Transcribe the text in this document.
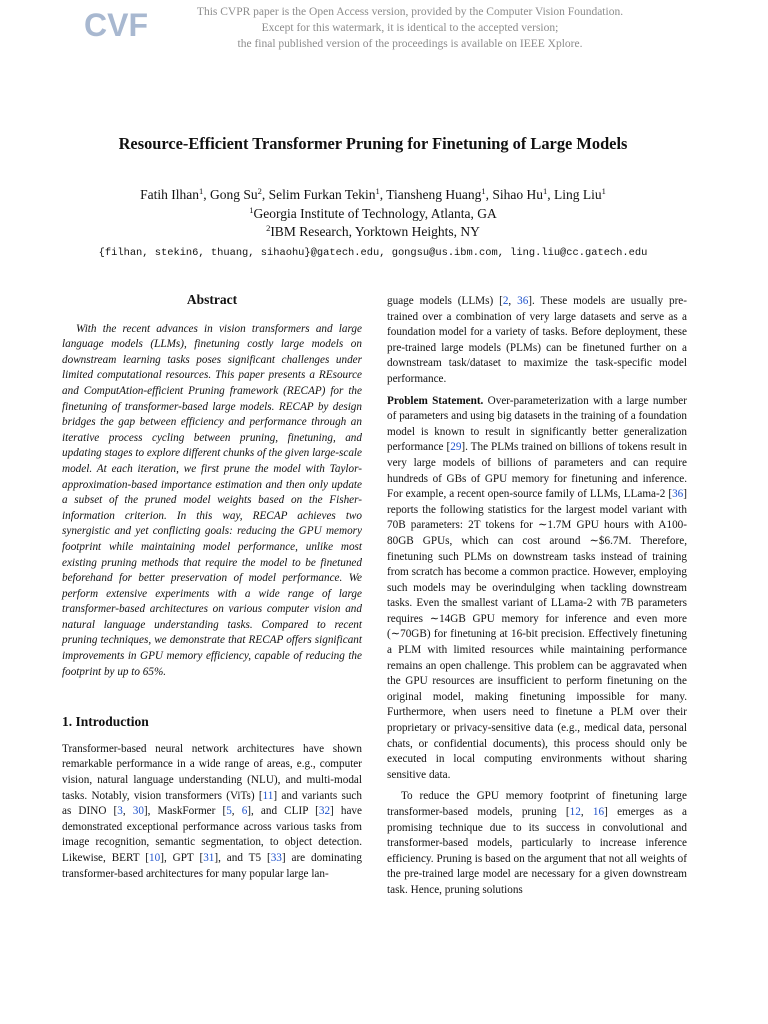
CVF	This CVPR paper is the Open Access version, provided by the Computer Vision Foundation.
Except for this watermark, it is identical to the accepted version;
the final published version of the proceedings is available on IEEE Xplore.
Resource-Efficient Transformer Pruning for Finetuning of Large Models
Fatih Ilhan$^1$, Gong Su$^2$, Selim Furkan Tekin$^1$, Tiansheng Huang$^1$, Sihao Hu$^1$, Ling Liu$^1$
$^1$Georgia Institute of Technology, Atlanta, GA
$^2$IBM Research, Yorktown Heights, NY
{filhan, stekin6, thuang, sihaohu}@gatech.edu, gongsu@us.ibm.com, ling.liu@cc.gatech.edu
Abstract

With the recent advances in vision transformers and large language models (LLMs), finetuning costly large models on downstream learning tasks poses significant challenges under limited computational resources. This paper presents a REsource and ComputAtion-efficient Pruning framework (RECAP) for the finetuning of transformer-based large models. RECAP by design bridges the gap between efficiency and performance through an iterative process cycling between pruning, finetuning, and updating stages to explore different chunks of the given large-scale model. At each iteration, we first prune the model with Taylor-approximation-based importance estimation and then only update a subset of the pruned model weights based on the Fisher-information criterion. In this way, RECAP achieves two synergistic and yet conflicting goals: reducing the GPU memory footprint while maintaining model performance, unlike most existing pruning methods that require the model to be finetuned beforehand for better preservation of model performance. We perform extensive experiments with a wide range of large transformer-based architectures on various computer vision and natural language understanding tasks. Compared to recent pruning techniques, we demonstrate that RECAP offers significant improvements in GPU memory efficiency, capable of reducing the footprint by up to 65%.

1. Introduction

Transformer-based neural network architectures have shown remarkable performance in a wide range of areas, e.g., computer vision, natural language understanding (NLU), and multi-modal tasks. Notably, vision transformers (ViTs) [11] and variants such as DINO [3, 30], MaskFormer [5, 6], and CLIP [32] have demonstrated exceptional performance across various tasks from image recognition, semantic segmentation, to object detection. Likewise, BERT [10], GPT [31], and T5 [33] are dominating transformer-based architectures for many popular large lan-

guage models (LLMs) [2, 36]. These models are usually pre-trained over a combination of very large datasets and serve as a foundation model for a variety of tasks. Before deployment, these pre-trained large models (PLMs) can be finetuned further on a downstream task/dataset to maximize the task-specific model performance.

Problem Statement. Over-parameterization with a large number of parameters and using big datasets in the training of a foundation model is known to result in significantly better generalization performance [29]. The PLMs trained on billions of tokens result in very large models of billions of parameters and can require hundreds of GBs of GPU memory for finetuning and inference. For example, a recent open-source family of LLMs, LLama-2 [36] reports the following statistics for the largest model variant with 70B parameters: 2T tokens for ∼1.7M GPU hours with A100-80GB GPUs, which can cost around ∼$6.7M. Therefore, finetuning such PLMs on downstream tasks instead of training from scratch has become a common practice. However, employing such models may be overindulging when tackling downstream tasks. Even the smallest variant of LLama-2 with 7B parameters requires ∼14GB GPU memory for inference and even more (∼70GB) for finetuning at 16-bit precision. Effectively finetuning a PLM with limited resources while maintaining performance remains an open challenge. This problem can be aggravated when the GPU resources are insufficient to perform finetuning on the original model, making finetuning impossible for many. Furthermore, when users need to finetune a PLM over their proprietary or privacy-sensitive data (e.g., medical data, personal chats, or confidential documents), this process should only be executed in local computing environments without sharing sensitive data.

To reduce the GPU memory footprint of finetuning large transformer-based models, pruning [12, 16] emerges as a promising technique due to its success in convolutional and transformer-based models, particularly to increase inference efficiency. Pruning is based on the argument that not all weights of the pre-trained large model are necessary for a given downstream task. Hence, pruning solutions
